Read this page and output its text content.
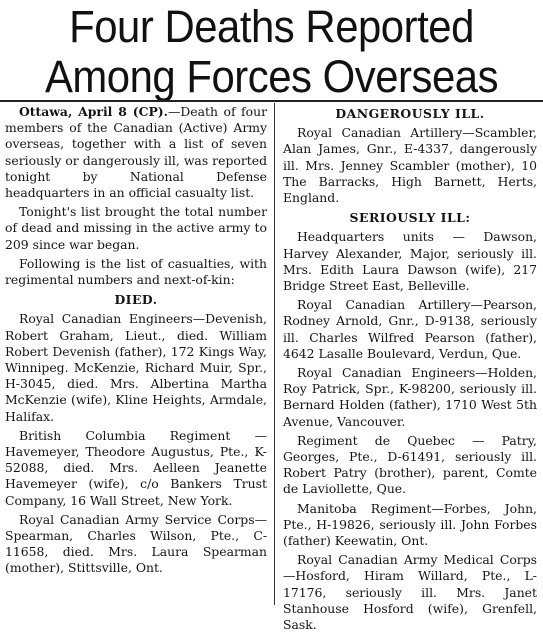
Four Deaths Reported
Among Forces Overseas

Ottawa, April 8 (CP).—Death of four members of the Canadian (Active) Army overseas, together with a list of seven seriously or dangerously ill, was reported tonight by National Defense headquarters in an official casualty list.

Tonight's list brought the total number of dead and missing in the active army to 209 since war began.

Following is the list of casualties, with regimental numbers and next-of-kin:

DIED.

Royal Canadian Engineers—Devenish, Robert Graham, Lieut., died. William Robert Devenish (father), 172 Kings Way, Winnipeg. McKenzie, Richard Muir, Spr., H-3045, died. Mrs. Albertina Martha McKenzie (wife), Kline Heights, Armdale, Halifax.

British Columbia Regiment — Havemeyer, Theodore Augustus, Pte., K-52088, died. Mrs. Aelleen Jeanette Havemeyer (wife), c/o Bankers Trust Company, 16 Wall Street, New York.

Royal Canadian Army Service Corps—Spearman, Charles Wilson, Pte., C-11658, died. Mrs. Laura Spearman (mother), Stittsville, Ont.

DANGEROUSLY ILL.

Royal Canadian Artillery—Scambler, Alan James, Gnr., E-4337, dangerously ill. Mrs. Jenney Scambler (mother), 10 The Barracks, High Barnett, Herts, England.

SERIOUSLY ILL:

Headquarters units — Dawson, Harvey Alexander, Major, seriously ill. Mrs. Edith Laura Dawson (wife), 217 Bridge Street East, Belleville.

Royal Canadian Artillery—Pearson, Rodney Arnold, Gnr., D-9138, seriously ill. Charles Wilfred Pearson (father), 4642 Lasalle Boulevard, Verdun, Que.

Royal Canadian Engineers—Holden, Roy Patrick, Spr., K-98200, seriously ill. Bernard Holden (father), 1710 West 5th Avenue, Vancouver.

Regiment de Quebec — Patry, Georges, Pte., D-61491, seriously ill. Robert Patry (brother), parent, Comte de Laviollette, Que.

Manitoba Regiment—Forbes, John, Pte., H-19826, seriously ill. John Forbes (father) Keewatin, Ont.

Royal Canadian Army Medical Corps—Hosford, Hiram Willard, Pte., L-17176, seriously ill. Mrs. Janet Stanhouse Hosford (wife), Grenfell, Sask.
